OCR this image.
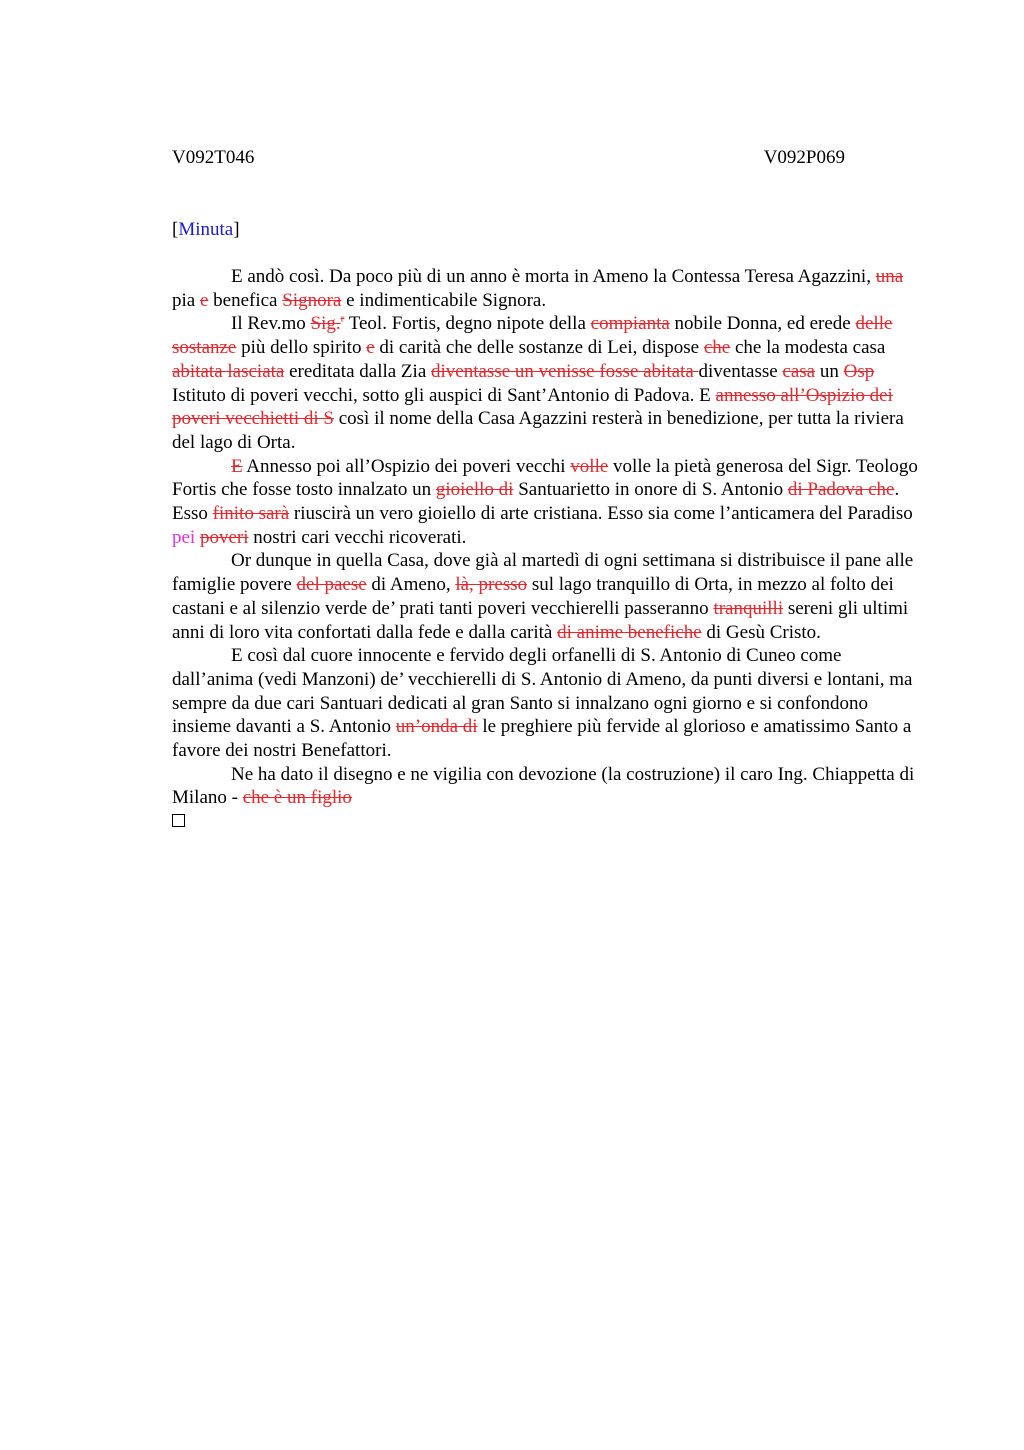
V092T046	V092P069
[Minuta]

E andò così. Da poco più di un anno è morta in Ameno la Contessa Teresa Agazzini, una pia e benefica Signora e indimenticabile Signora.

Il Rev.mo Sig.$^r$ Teol. Fortis, degno nipote della compianta nobile Donna, ed erede delle sostanze più dello spirito e di carità che delle sostanze di Lei, dispose che che la modesta casa abitata lasciata ereditata dalla Zia diventasse un venisse fosse abitata diventasse casa un Osp Istituto di poveri vecchi, sotto gli auspici di Sant’Antonio di Padova. E annesso all’Ospizio dei poveri vecchietti di S così il nome della Casa Agazzini resterà in benedizione, per tutta la riviera del lago di Orta.

E Annesso poi all’Ospizio dei poveri vecchi volle volle la pietà generosa del Sigr. Teologo Fortis che fosse tosto innalzato un gioiello di Santuarietto in onore di S. Antonio di Padova che. Esso finito sarà riuscirà un vero gioiello di arte cristiana. Esso sia come l’anticamera del Paradiso pei poveri nostri cari vecchi ricoverati.

Or dunque in quella Casa, dove già al martedì di ogni settimana si distribuisce il pane alle famiglie povere del paese di Ameno, là, presso sul lago tranquillo di Orta, in mezzo al folto dei castani e al silenzio verde de’ prati tanti poveri vecchierelli passeranno tranquilli sereni gli ultimi anni di loro vita confortati dalla fede e dalla carità di anime benefiche di Gesù Cristo.

E così dal cuore innocente e fervido degli orfanelli di S. Antonio di Cuneo come dall’anima (vedi Manzoni) de’ vecchierelli di S. Antonio di Ameno, da punti diversi e lontani, ma sempre da due cari Santuari dedicati al gran Santo si innalzano ogni giorno e si confondono insieme davanti a S. Antonio un’onda di le preghiere più fervide al glorioso e amatissimo Santo a favore dei nostri Benefattori.

Ne ha dato il disegno e ne vigilia con devozione (la costruzione) il caro Ing. Chiappetta di Milano - che è un figlio
